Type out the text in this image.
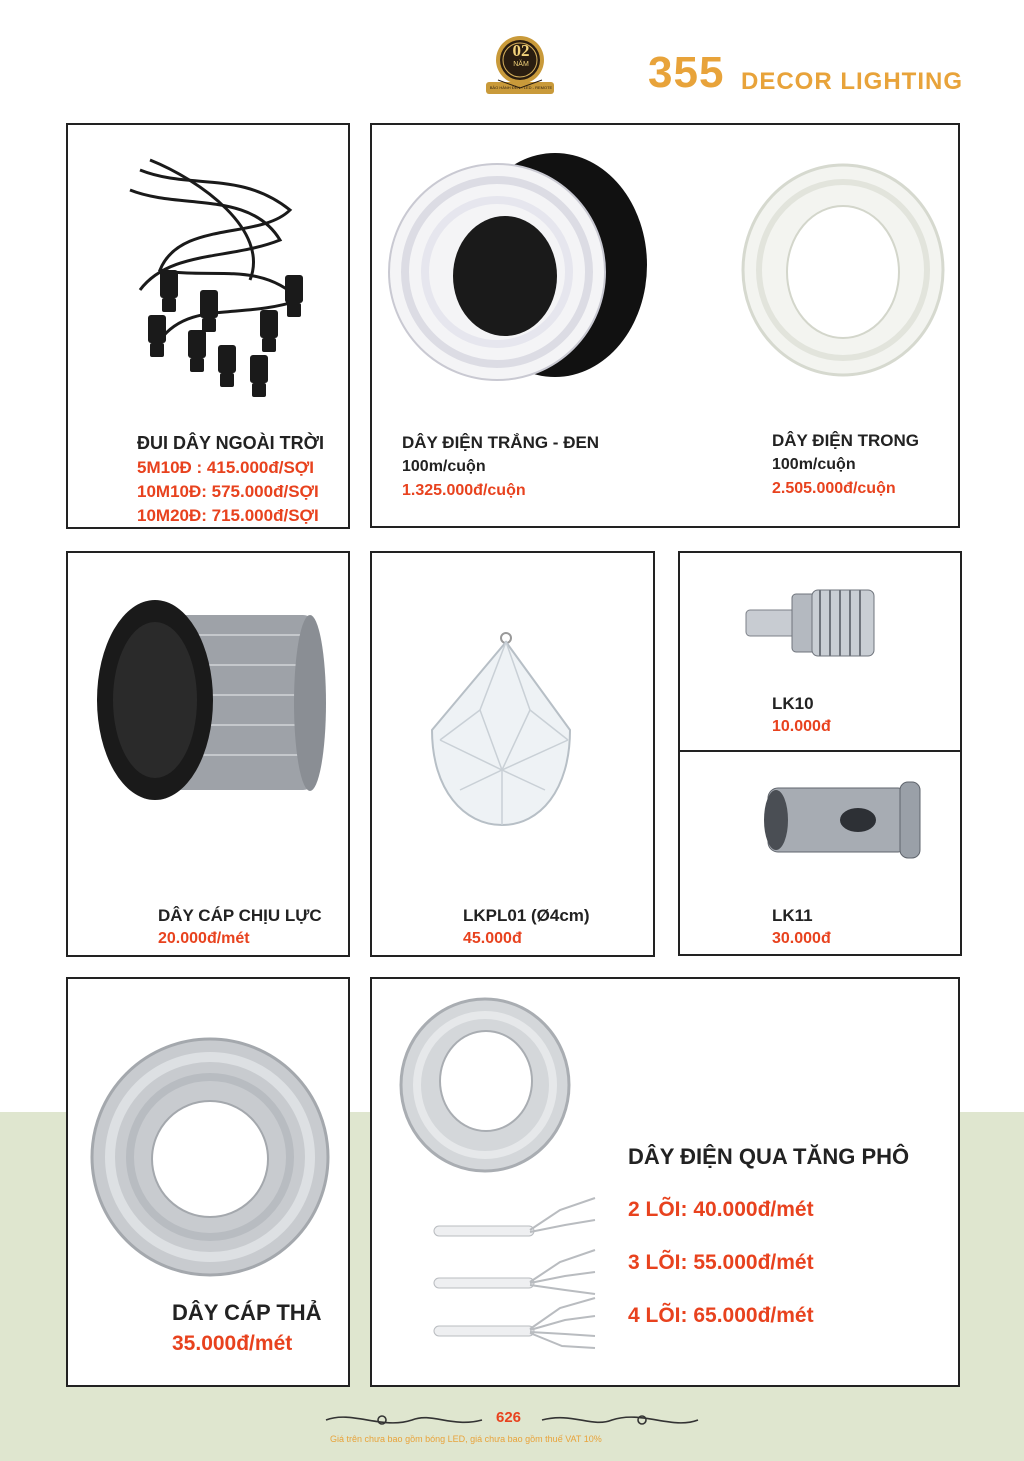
02
NĂM
BẢO HÀNH ĐÈN - LED - REMOTE 355 DECOR LIGHTING
ĐUI DÂY NGOÀI TRỜI
5M10Đ : 415.000đ/SỢI
10M10Đ: 575.000đ/SỢI
10M20Đ: 715.000đ/SỢI
DÂY ĐIỆN TRẮNG - ĐEN
100m/cuộn
1.325.000đ/cuộn
DÂY ĐIỆN TRONG
100m/cuộn
2.505.000đ/cuộn
DÂY CÁP CHỊU LỰC
20.000đ/mét
LKPL01 (Ø4cm)
45.000đ
LK10
10.000đ
LK11
30.000đ
DÂY CÁP THẢ
35.000đ/mét
DÂY ĐIỆN QUA TĂNG PHÔ
2 LÕI: 40.000đ/mét
3 LÕI: 55.000đ/mét
4 LÕI: 65.000đ/mét
626
Giá trên chưa bao gồm bóng LED, giá chưa bao gồm thuế VAT 10%
